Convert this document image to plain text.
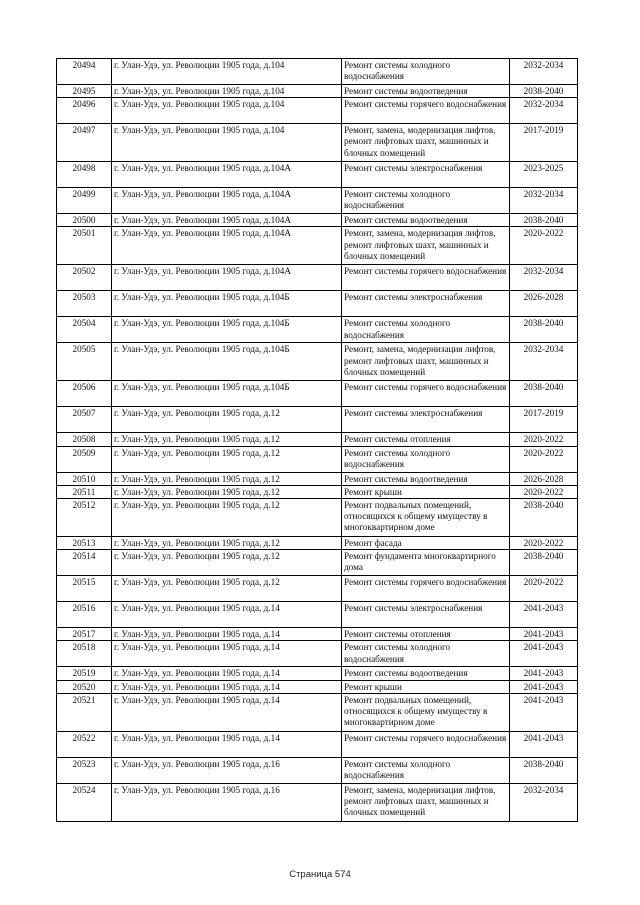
20494	г. Улан-Удэ, ул. Революции 1905 года, д.104	Ремонт системы холодного водоснабжения	2032-2034
20495	г. Улан-Удэ, ул. Революции 1905 года, д.104	Ремонт системы водоотведения	2038-2040
20496	г. Улан-Удэ, ул. Революции 1905 года, д.104	Ремонт системы горячего водоснабжения	2032-2034
20497	г. Улан-Удэ, ул. Революции 1905 года, д.104	Ремонт, замена, модернизация лифтов, ремонт лифтовых шахт, машинных и блочных помещений	2017-2019
20498	г. Улан-Удэ, ул. Революции 1905 года, д.104А	Ремонт системы электроснабжения	2023-2025
20499	г. Улан-Удэ, ул. Революции 1905 года, д.104А	Ремонт системы холодного водоснабжения	2032-2034
20500	г. Улан-Удэ, ул. Революции 1905 года, д.104А	Ремонт системы водоотведения	2038-2040
20501	г. Улан-Удэ, ул. Революции 1905 года, д.104А	Ремонт, замена, модернизация лифтов, ремонт лифтовых шахт, машинных и блочных помещений	2020-2022
20502	г. Улан-Удэ, ул. Революции 1905 года, д.104А	Ремонт системы горячего водоснабжения	2032-2034
20503	г. Улан-Удэ, ул. Революции 1905 года, д.104Б	Ремонт системы электроснабжения	2026-2028
20504	г. Улан-Удэ, ул. Революции 1905 года, д.104Б	Ремонт системы холодного водоснабжения	2038-2040
20505	г. Улан-Удэ, ул. Революции 1905 года, д.104Б	Ремонт, замена, модернизация лифтов, ремонт лифтовых шахт, машинных и блочных помещений	2032-2034
20506	г. Улан-Удэ, ул. Революции 1905 года, д.104Б	Ремонт системы горячего водоснабжения	2038-2040
20507	г. Улан-Удэ, ул. Революции 1905 года, д.12	Ремонт системы электроснабжения	2017-2019
20508	г. Улан-Удэ, ул. Революции 1905 года, д.12	Ремонт системы отопления	2020-2022
20509	г. Улан-Удэ, ул. Революции 1905 года, д.12	Ремонт системы холодного водоснабжения	2020-2022
20510	г. Улан-Удэ, ул. Революции 1905 года, д.12	Ремонт системы водоотведения	2026-2028
20511	г. Улан-Удэ, ул. Революции 1905 года, д.12	Ремонт крыши	2020-2022
20512	г. Улан-Удэ, ул. Революции 1905 года, д.12	Ремонт подвальных помещений, относящихся к общему имуществу в многоквартирном доме	2038-2040
20513	г. Улан-Удэ, ул. Революции 1905 года, д.12	Ремонт фасада	2020-2022
20514	г. Улан-Удэ, ул. Революции 1905 года, д.12	Ремонт фундамента многоквартирного дома	2038-2040
20515	г. Улан-Удэ, ул. Революции 1905 года, д.12	Ремонт системы горячего водоснабжения	2020-2022
20516	г. Улан-Удэ, ул. Революции 1905 года, д.14	Ремонт системы электроснабжения	2041-2043
20517	г. Улан-Удэ, ул. Революции 1905 года, д.14	Ремонт системы отопления	2041-2043
20518	г. Улан-Удэ, ул. Революции 1905 года, д.14	Ремонт системы холодного водоснабжения	2041-2043
20519	г. Улан-Удэ, ул. Революции 1905 года, д.14	Ремонт системы водоотведения	2041-2043
20520	г. Улан-Удэ, ул. Революции 1905 года, д.14	Ремонт крыши	2041-2043
20521	г. Улан-Удэ, ул. Революции 1905 года, д.14	Ремонт подвальных помещений, относящихся к общему имуществу в многоквартирном доме	2041-2043
20522	г. Улан-Удэ, ул. Революции 1905 года, д.14	Ремонт системы горячего водоснабжения	2041-2043
20523	г. Улан-Удэ, ул. Революции 1905 года, д.16	Ремонт системы холодного водоснабжения	2038-2040
20524	г. Улан-Удэ, ул. Революции 1905 года, д.16	Ремонт, замена, модернизация лифтов, ремонт лифтовых шахт, машинных и блочных помещений	2032-2034
Страница 574
